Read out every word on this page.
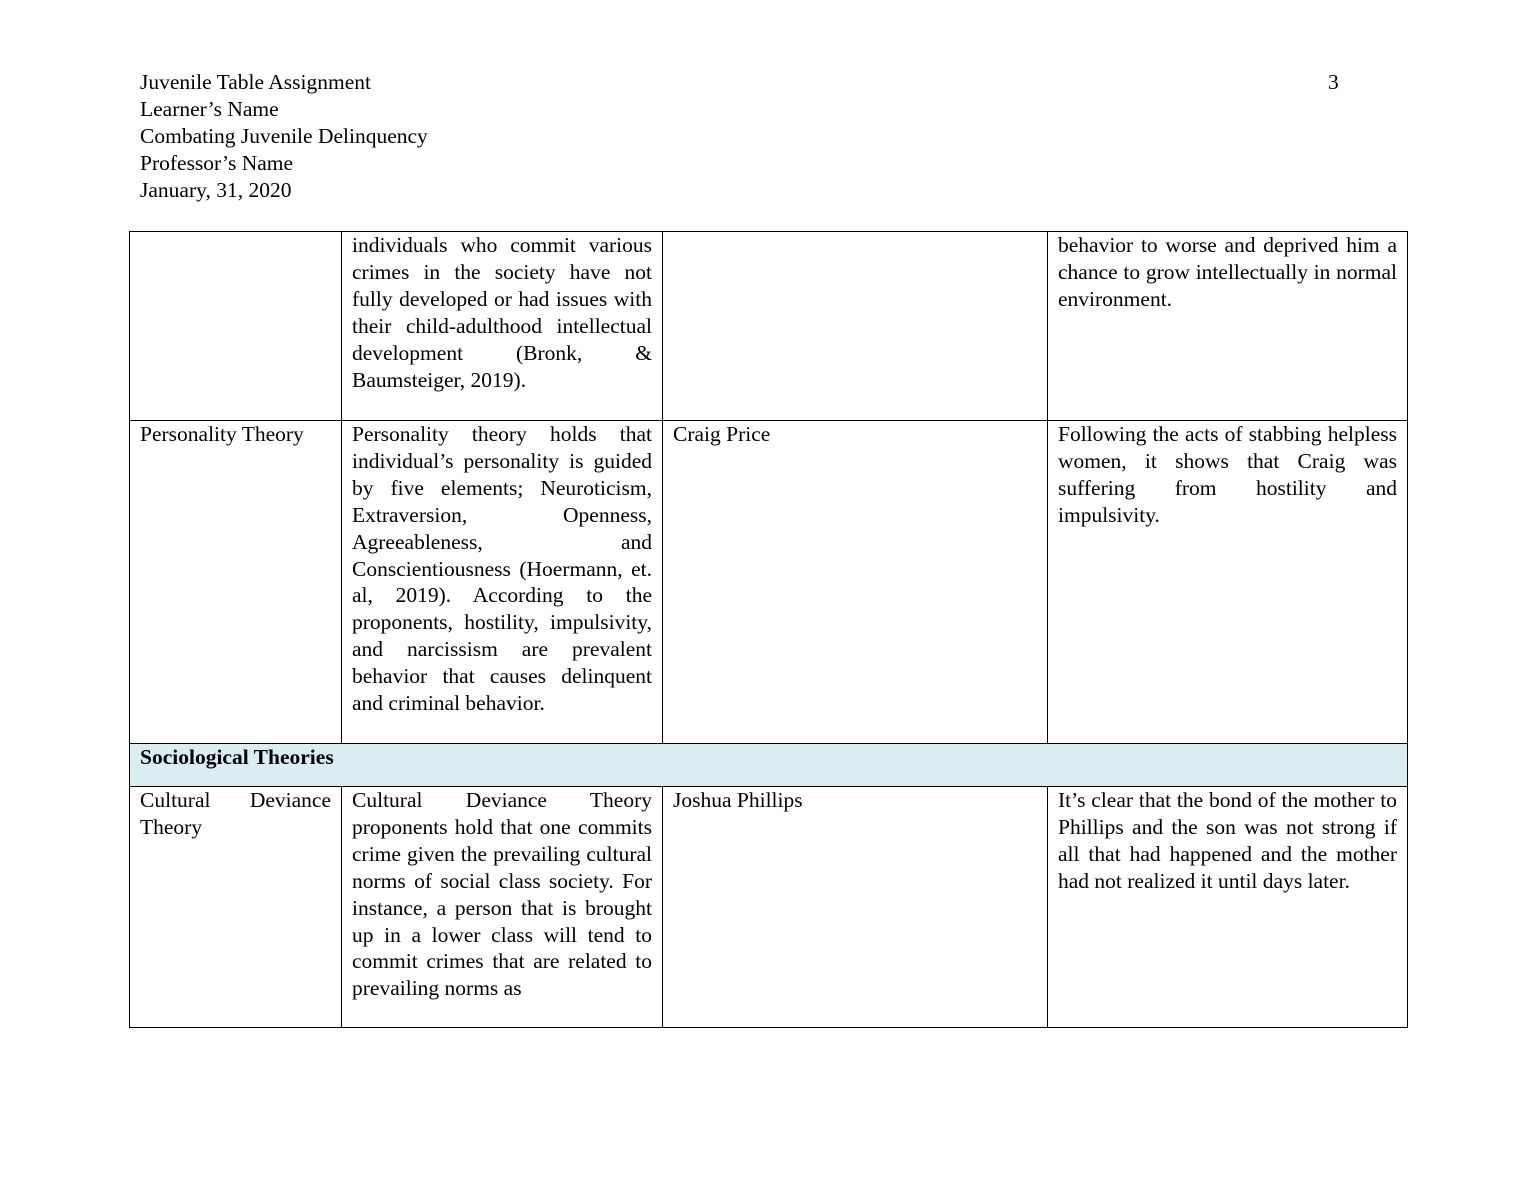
Juvenile Table Assignment
Learner’s Name
Combating Juvenile Delinquency
Professor’s Name
January, 31, 2020
3
	individuals who commit various crimes in the society have not fully developed or had issues with their child-adulthood intellectual development (Bronk, & Baumsteiger, 2019).		behavior to worse and deprived him a chance to grow intellectually in normal environment.
Personality Theory	Personality theory holds that individual’s personality is guided by five elements; Neuroticism, Extraversion, Openness, Agreeableness, and Conscientiousness (Hoermann, et. al, 2019). According to the proponents, hostility, impulsivity, and narcissism are prevalent behavior that causes delinquent and criminal behavior.	Craig Price	Following the acts of stabbing helpless women, it shows that Craig was suffering from hostility and impulsivity.
Sociological Theories			
Cultural Deviance Theory	Cultural Deviance Theory proponents hold that one commits crime given the prevailing cultural norms of social class society. For instance, a person that is brought up in a lower class will tend to commit crimes that are related to prevailing norms as	Joshua Phillips	It’s clear that the bond of the mother to Phillips and the son was not strong if all that had happened and the mother had not realized it until days later.
